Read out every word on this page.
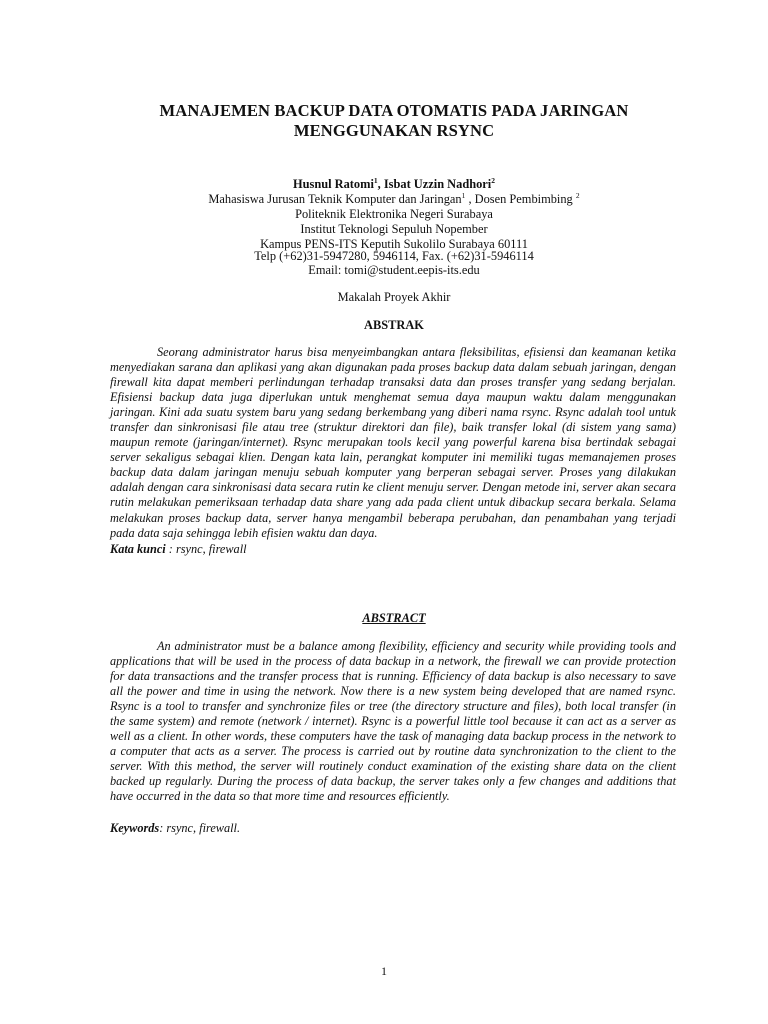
MANAJEMEN BACKUP DATA OTOMATIS PADA JARINGAN
MENGGUNAKAN RSYNC
Husnul Ratomi$^1$, Isbat Uzzin Nadhori$^2$
Mahasiswa Jurusan Teknik Komputer dan Jaringan$^1$ , Dosen Pembimbing $^2$
Politeknik Elektronika Negeri Surabaya
Institut Teknologi Sepuluh Nopember
Kampus PENS-ITS Keputih Sukolilo Surabaya 60111
Telp (+62)31-5947280, 5946114, Fax. (+62)31-5946114
Email: tomi@student.eepis-its.edu
Makalah Proyek Akhir
ABSTRAK

Seorang administrator harus bisa menyeimbangkan antara fleksibilitas, efisiensi dan keamanan ketika menyediakan sarana dan aplikasi yang akan digunakan pada proses backup data dalam sebuah jaringan, dengan firewall kita dapat memberi perlindungan terhadap transaksi data dan proses transfer yang sedang berjalan. Efisiensi backup data juga diperlukan untuk menghemat semua daya maupun waktu dalam menggunakan jaringan. Kini ada suatu system baru yang sedang berkembang yang diberi nama rsync. Rsync adalah tool untuk transfer dan sinkronisasi file atau tree (struktur direktori dan file), baik transfer lokal (di sistem yang sama) maupun remote (jaringan/internet). Rsync merupakan tools kecil yang powerful karena bisa bertindak sebagai server sekaligus sebagai klien. Dengan kata lain, perangkat komputer ini memiliki tugas memanajemen proses backup data dalam jaringan menuju sebuah komputer yang berperan sebagai server. Proses yang dilakukan adalah dengan cara sinkronisasi data secara rutin ke client menuju server. Dengan metode ini, server akan secara rutin melakukan pemeriksaan terhadap data share yang ada pada client untuk dibackup secara berkala. Selama melakukan proses backup data, server hanya mengambil beberapa perubahan, dan penambahan yang terjadi pada data saja sehingga lebih efisien waktu dan daya.

Kata kunci : rsync, firewall
ABSTRACT

An administrator must be a balance among flexibility, efficiency and security while providing tools and applications that will be used in the process of data backup in a network, the firewall we can provide protection for data transactions and the transfer process that is running. Efficiency of data backup is also necessary to save all the power and time in using the network. Now there is a new system being developed that are named rsync. Rsync is a tool to transfer and synchronize files or tree (the directory structure and files), both local transfer (in the same system) and remote (network / internet). Rsync is a powerful little tool because it can act as a server as well as a client. In other words, these computers have the task of managing data backup process in the network to a computer that acts as a server. The process is carried out by routine data synchronization to the client to the server. With this method, the server will routinely conduct examination of the existing share data on the client backed up regularly. During the process of data backup, the server takes only a few changes and additions that have occurred in the data so that more time and resources efficiently.

Keywords: rsync, firewall.
1
